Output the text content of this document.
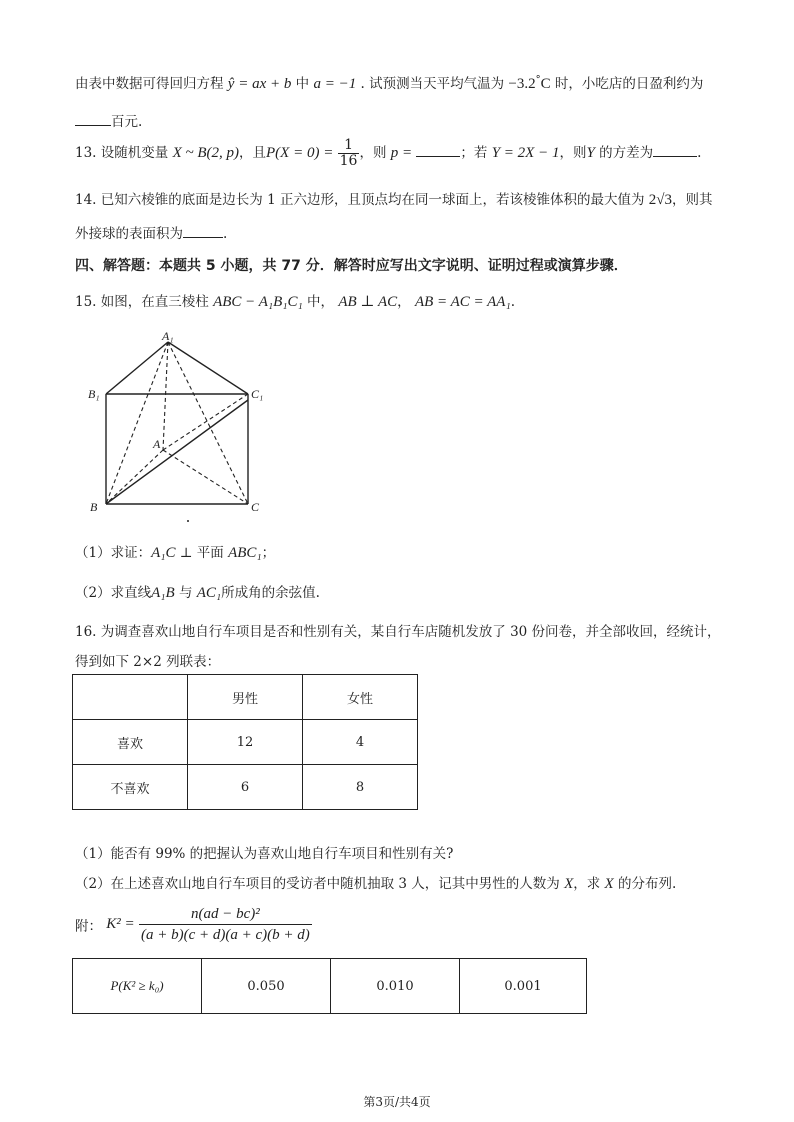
由表中数据可得回归方程 ŷ = ax + b 中 a = −1 . 试预测当天平均气温为 −3.2°C 时，小吃店的日盈利约为
百元.
13. 设随机变量 X ~ B(2, p)，且$P(X = 0) = \frac{1}{16}$ ，则 p =	；若 Y = 2X − 1，则Y 的方差为	.
14. 已知六棱锥的底面是边长为 1 正六边形，且顶点均在同一球面上，若该棱锥体积的最大值为 2√3，则其
外接球的表面积为	.
四、解答题：本题共 5 小题，共 77 分．解答时应写出文字说明、证明过程或演算步骤．
15. 如图，在直三棱柱 ABC − A₁B₁C₁ 中， AB ⊥ AC， AB = AC = AA₁.
A₁
B₁	C₁
A
B	C
（1）求证：A₁C ⊥ 平面 ABC₁；
（2）求直线A₁B 与 AC₁所成角的余弦值.
16. 为调查喜欢山地自行车项目是否和性别有关，某自行车店随机发放了 30 份问卷，并全部收回，经统计，
得到如下 2×2 列联表：
	男性	女性
喜欢	12	4
不喜欢	6	8
（1）能否有 99% 的把握认为喜欢山地自行车项目和性别有关?
（2）在上述喜欢山地自行车项目的受访者中随机抽取 3 人，记其中男性的人数为 X，求 X 的分布列.
附： $K^2 = \frac{\text{n(ad − bc)²}}{(a + b)(c + d)(a + c)(b + d)}$
P(K² ≥ k₀)	0.050	0.010	0.001
第3页/共4页
